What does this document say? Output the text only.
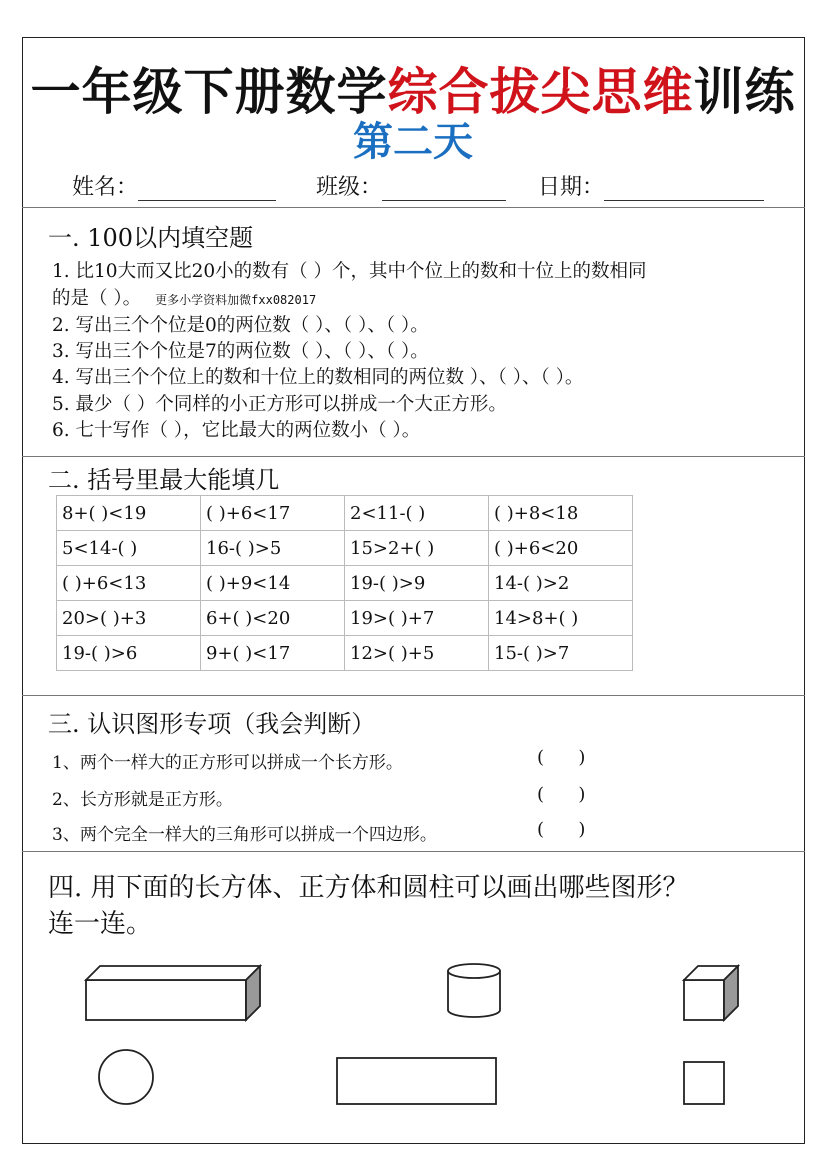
一年级下册数学综合拔尖思维训练
第二天
姓名：	班级：	日期：
一. 100以内填空题
1. 比10大而又比20小的数有（ ）个，其中个位上的数和十位上的数相同
的是（ ）。 更多小学资料加微fxx082017
2. 写出三个个位是0的两位数（ ）、（ ）、（ ）。
3. 写出三个个位是7的两位数（ ）、（ ）、（ ）。
4. 写出三个个位上的数和十位上的数相同的两位数 ）、（ ）、（ ）。
5. 最少（ ）个同样的小正方形可以拼成一个大正方形。
6. 七十写作（ ），它比最大的两位数小（ ）。
二. 括号里最大能填几
8+( )<19	( )+6<17	2<11-( )	( )+8<18
5<14-( )	16-( )>5	15>2+( )	( )+6<20
( )+6<13	( )+9<14	19-( )>9	14-( )>2
20>( )+3	6+( )<20	19>( )+7	14>8+( )
19-( )>6	9+( )<17	12>( )+5	15-( )>7
三. 认识图形专项（我会判断）
1、两个一样大的正方形可以拼成一个长方形。	(      )
2、长方形就是正方形。	(      )
3、两个完全一样大的三角形可以拼成一个四边形。	(      )
四. 用下面的长方体、正方体和圆柱可以画出哪些图形？
连一连。
